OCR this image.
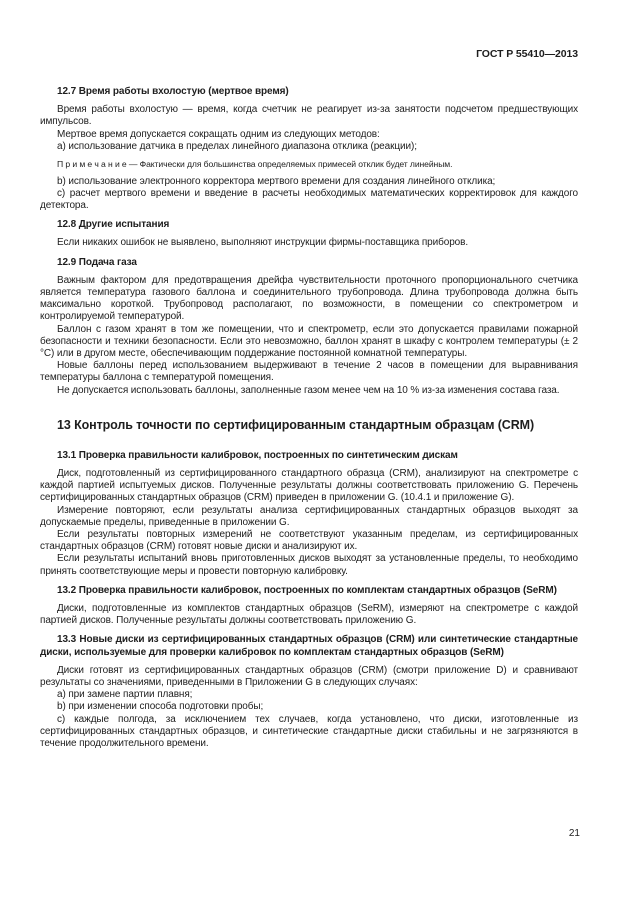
ГОСТ Р 55410—2013
12.7 Время работы вхолостую (мертвое время)

Время работы вхолостую — время, когда счетчик не реагирует из-за занятости подсчетом предшествующих импульсов.

Мертвое время допускается сокращать одним из следующих методов:

a) использование датчика в пределах линейного диапазона отклика (реакции);

П р и м е ч а н и е — Фактически для большинства определяемых примесей отклик будет линейным.

b) использование электронного корректора мертвого времени для создания линейного отклика;

c) расчет мертвого времени и введение в расчеты необходимых математических корректировок для каждого детектора.

12.8 Другие испытания

Если никаких ошибок не выявлено, выполняют инструкции фирмы-поставщика приборов.

12.9 Подача газа

Важным фактором для предотвращения дрейфа чувствительности проточного пропорционального счетчика является температура газового баллона и соединительного трубопровода. Длина трубопровода должна быть максимально короткой. Трубопровод располагают, по возможности, в помещении со спектрометром и контролируемой температурой.

Баллон с газом хранят в том же помещении, что и спектрометр, если это допускается правилами пожарной безопасности и техники безопасности. Если это невозможно, баллон хранят в шкафу с контролем температуры (± 2 °C) или в другом месте, обеспечивающим поддержание постоянной комнатной температуры.

Новые баллоны перед использованием выдерживают в течение 2 часов в помещении для выравнивания температуры баллона с температурой помещения.

Не допускается использовать баллоны, заполненные газом менее чем на 10 % из-за изменения состава газа.

13 Контроль точности по сертифицированным стандартным образцам (CRM)
13.1 Проверка правильности калибровок, построенных по синтетическим дискам

Диск, подготовленный из сертифицированного стандартного образца (CRM), анализируют на спектрометре с каждой партией испытуемых дисков. Полученные результаты должны соответствовать приложению G. Перечень сертифицированных стандартных образцов (CRM) приведен в приложении G. (10.4.1 и приложение G).

Измерение повторяют, если результаты анализа сертифицированных стандартных образцов выходят за допускаемые пределы, приведенные в приложении G.

Если результаты повторных измерений не соответствуют указанным пределам, из сертифицированных стандартных образцов (CRM) готовят новые диски и анализируют их.

Если результаты испытаний вновь приготовленных дисков выходят за установленные пределы, то необходимо принять соответствующие меры и провести повторную калибровку.

13.2 Проверка правильности калибровок, построенных по комплектам стандартных образцов (SeRM)

Диски, подготовленные из комплектов стандартных образцов (SeRM), измеряют на спектрометре с каждой партией дисков. Полученные результаты должны соответствовать приложению G.

13.3 Новые диски из сертифицированных стандартных образцов (CRM) или синтетические стандартные диски, используемые для проверки калибровок по комплектам стандартных образцов (SeRM)

Диски готовят из сертифицированных стандартных образцов (CRM) (смотри приложение D) и сравнивают результаты со значениями, приведенными в Приложении G в следующих случаях:

a) при замене партии плавня;

b) при изменении способа подготовки пробы;

c) каждые полгода, за исключением тех случаев, когда установлено, что диски, изготовленные из сертифицированных стандартных образцов, и синтетические стандартные диски стабильны и не загрязняются в течение продолжительного времени.

21
